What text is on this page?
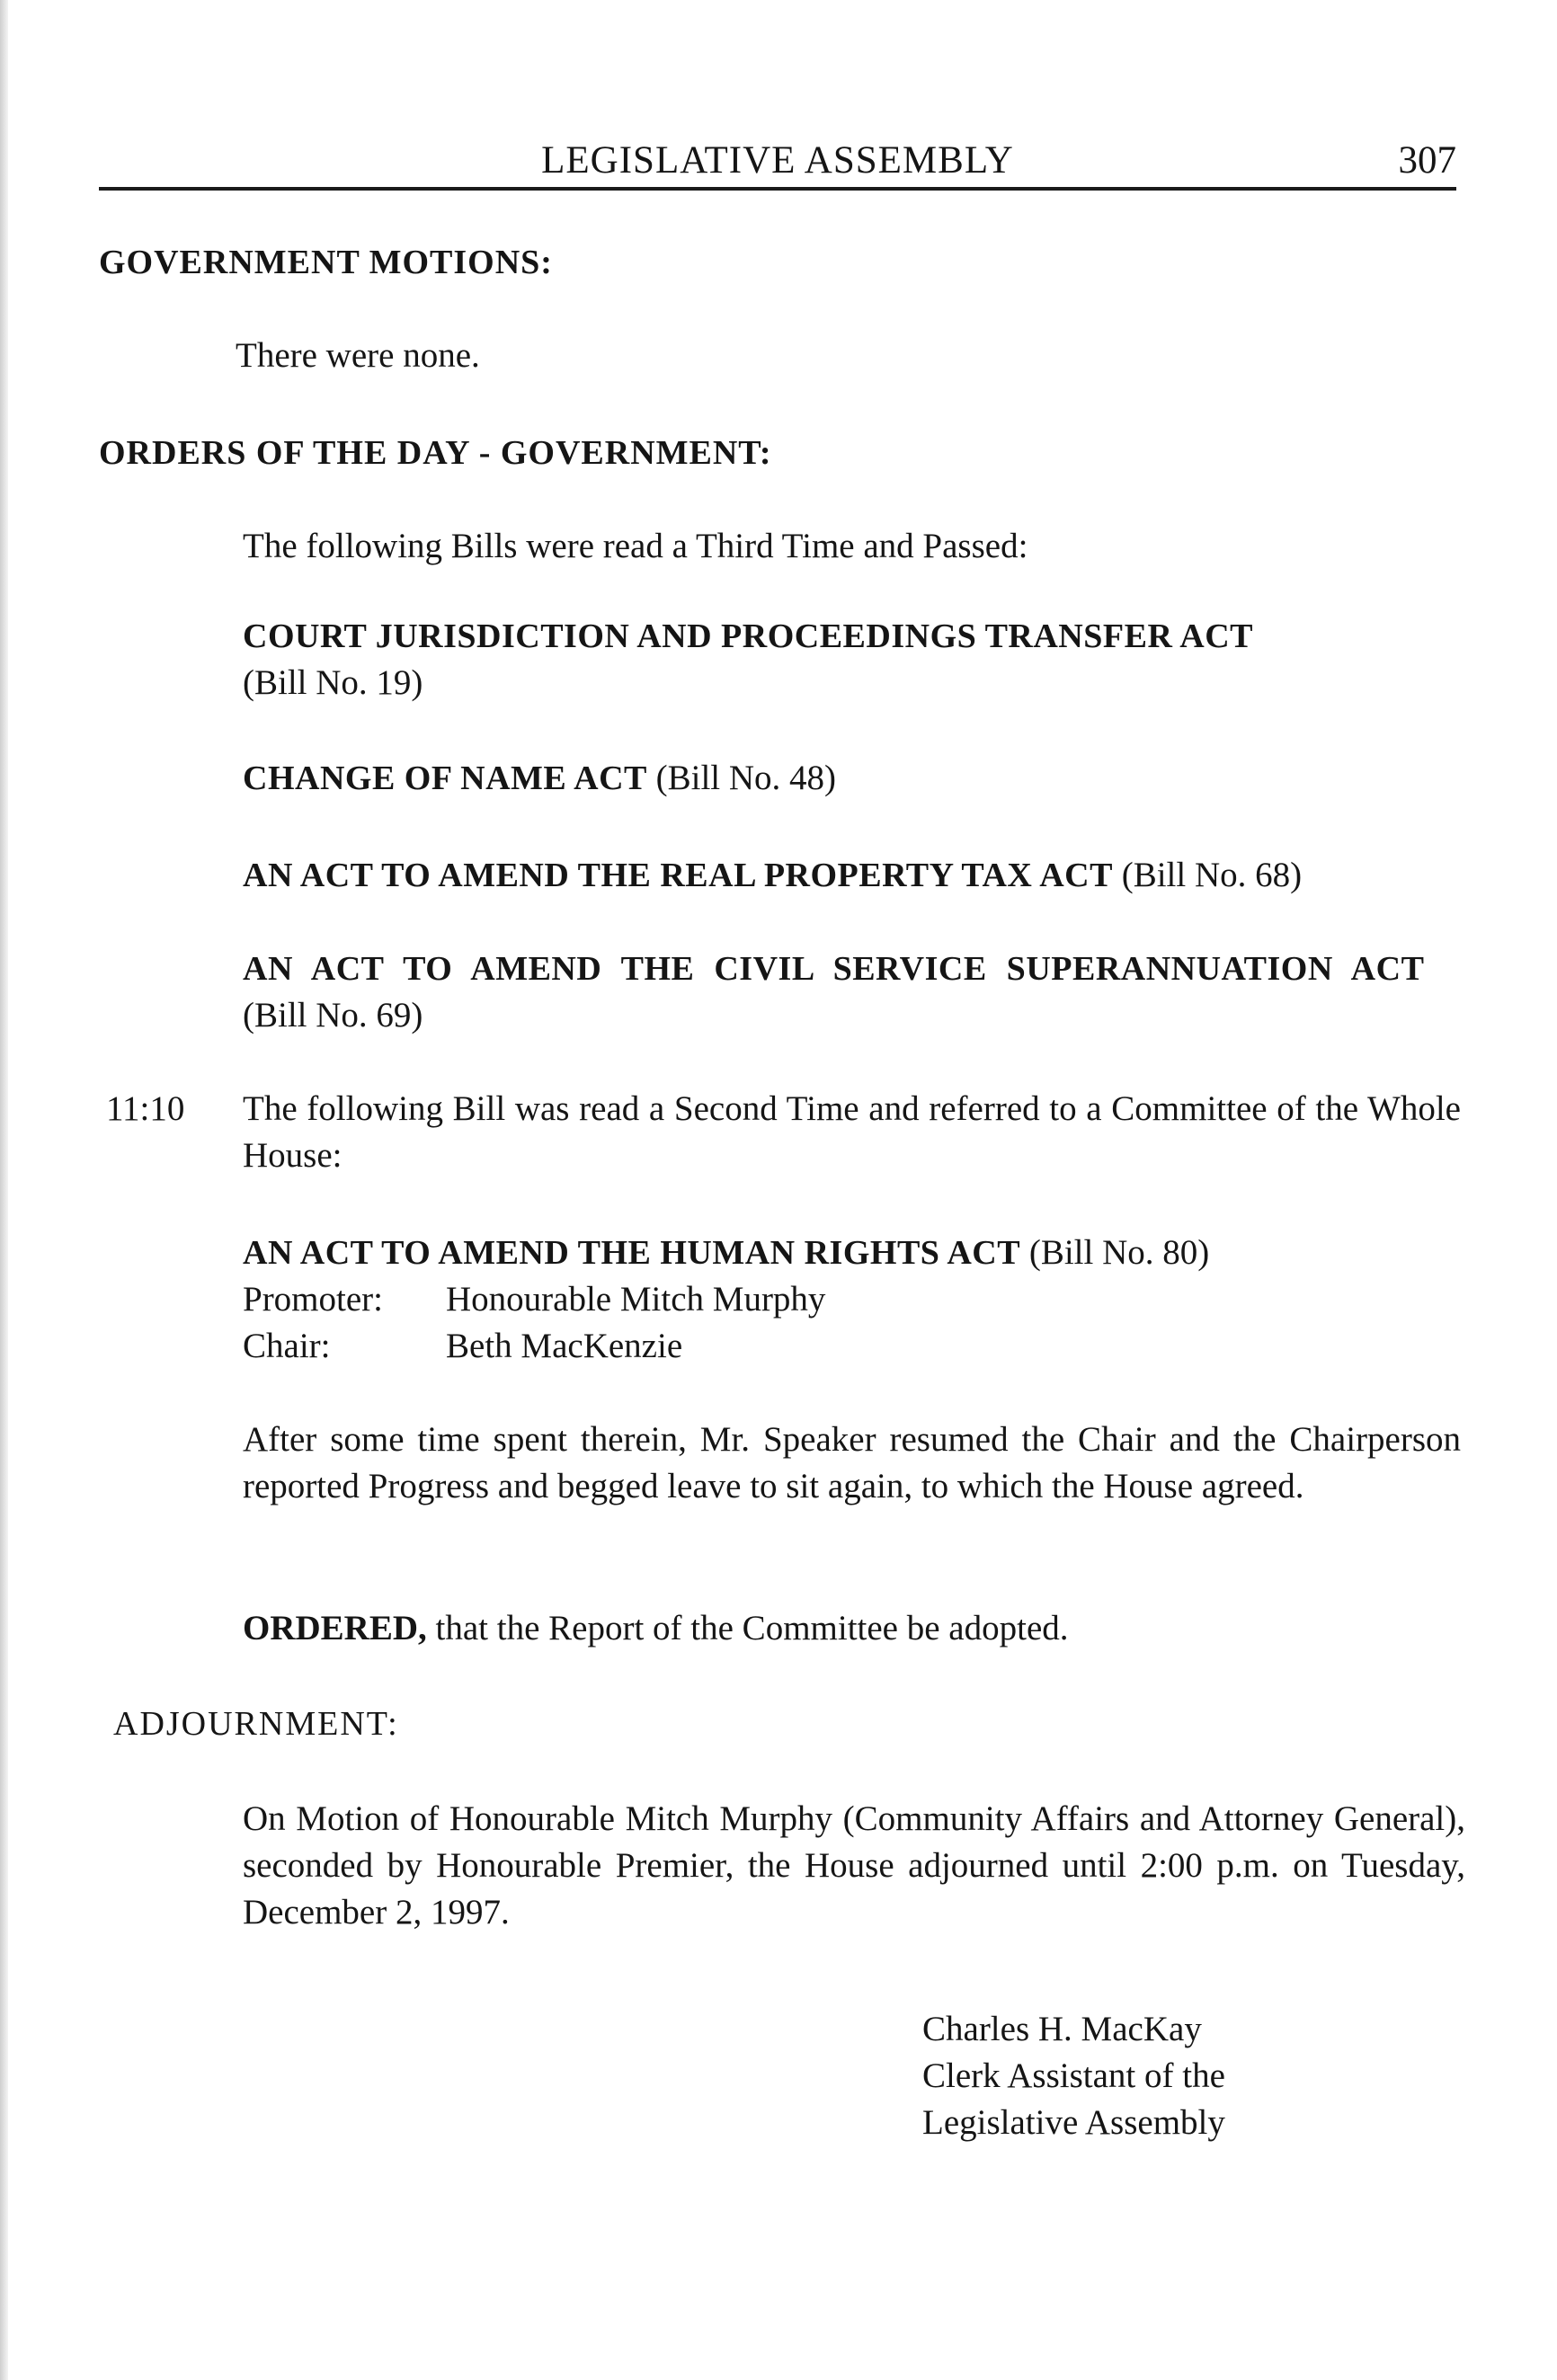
LEGISLATIVE ASSEMBLY	307
GOVERNMENT MOTIONS:
There were none.
ORDERS OF THE DAY - GOVERNMENT:
The following Bills were read a Third Time and Passed:
COURT JURISDICTION AND PROCEEDINGS TRANSFER ACT
(Bill No. 19)
CHANGE OF NAME ACT (Bill No. 48)
AN ACT TO AMEND THE REAL PROPERTY TAX ACT (Bill No. 68)
AN ACT TO AMEND THE CIVIL SERVICE SUPERANNUATION ACT (Bill No. 69)
11:10 The following Bill was read a Second Time and referred to a Committee of the Whole House:
AN ACT TO AMEND THE HUMAN RIGHTS ACT (Bill No. 80)
Promoter: Honourable Mitch Murphy
Chair:	Beth MacKenzie
After some time spent therein, Mr. Speaker resumed the Chair and the Chairperson reported Progress and begged leave to sit again, to which the House agreed.
ORDERED, that the Report of the Committee be adopted.
ADJOURNMENT:
On Motion of Honourable Mitch Murphy (Community Affairs and Attorney General), seconded by Honourable Premier, the House adjourned until 2:00 p.m. on Tuesday, December 2, 1997.
Charles H. MacKay
Clerk Assistant of the
Legislative Assembly
